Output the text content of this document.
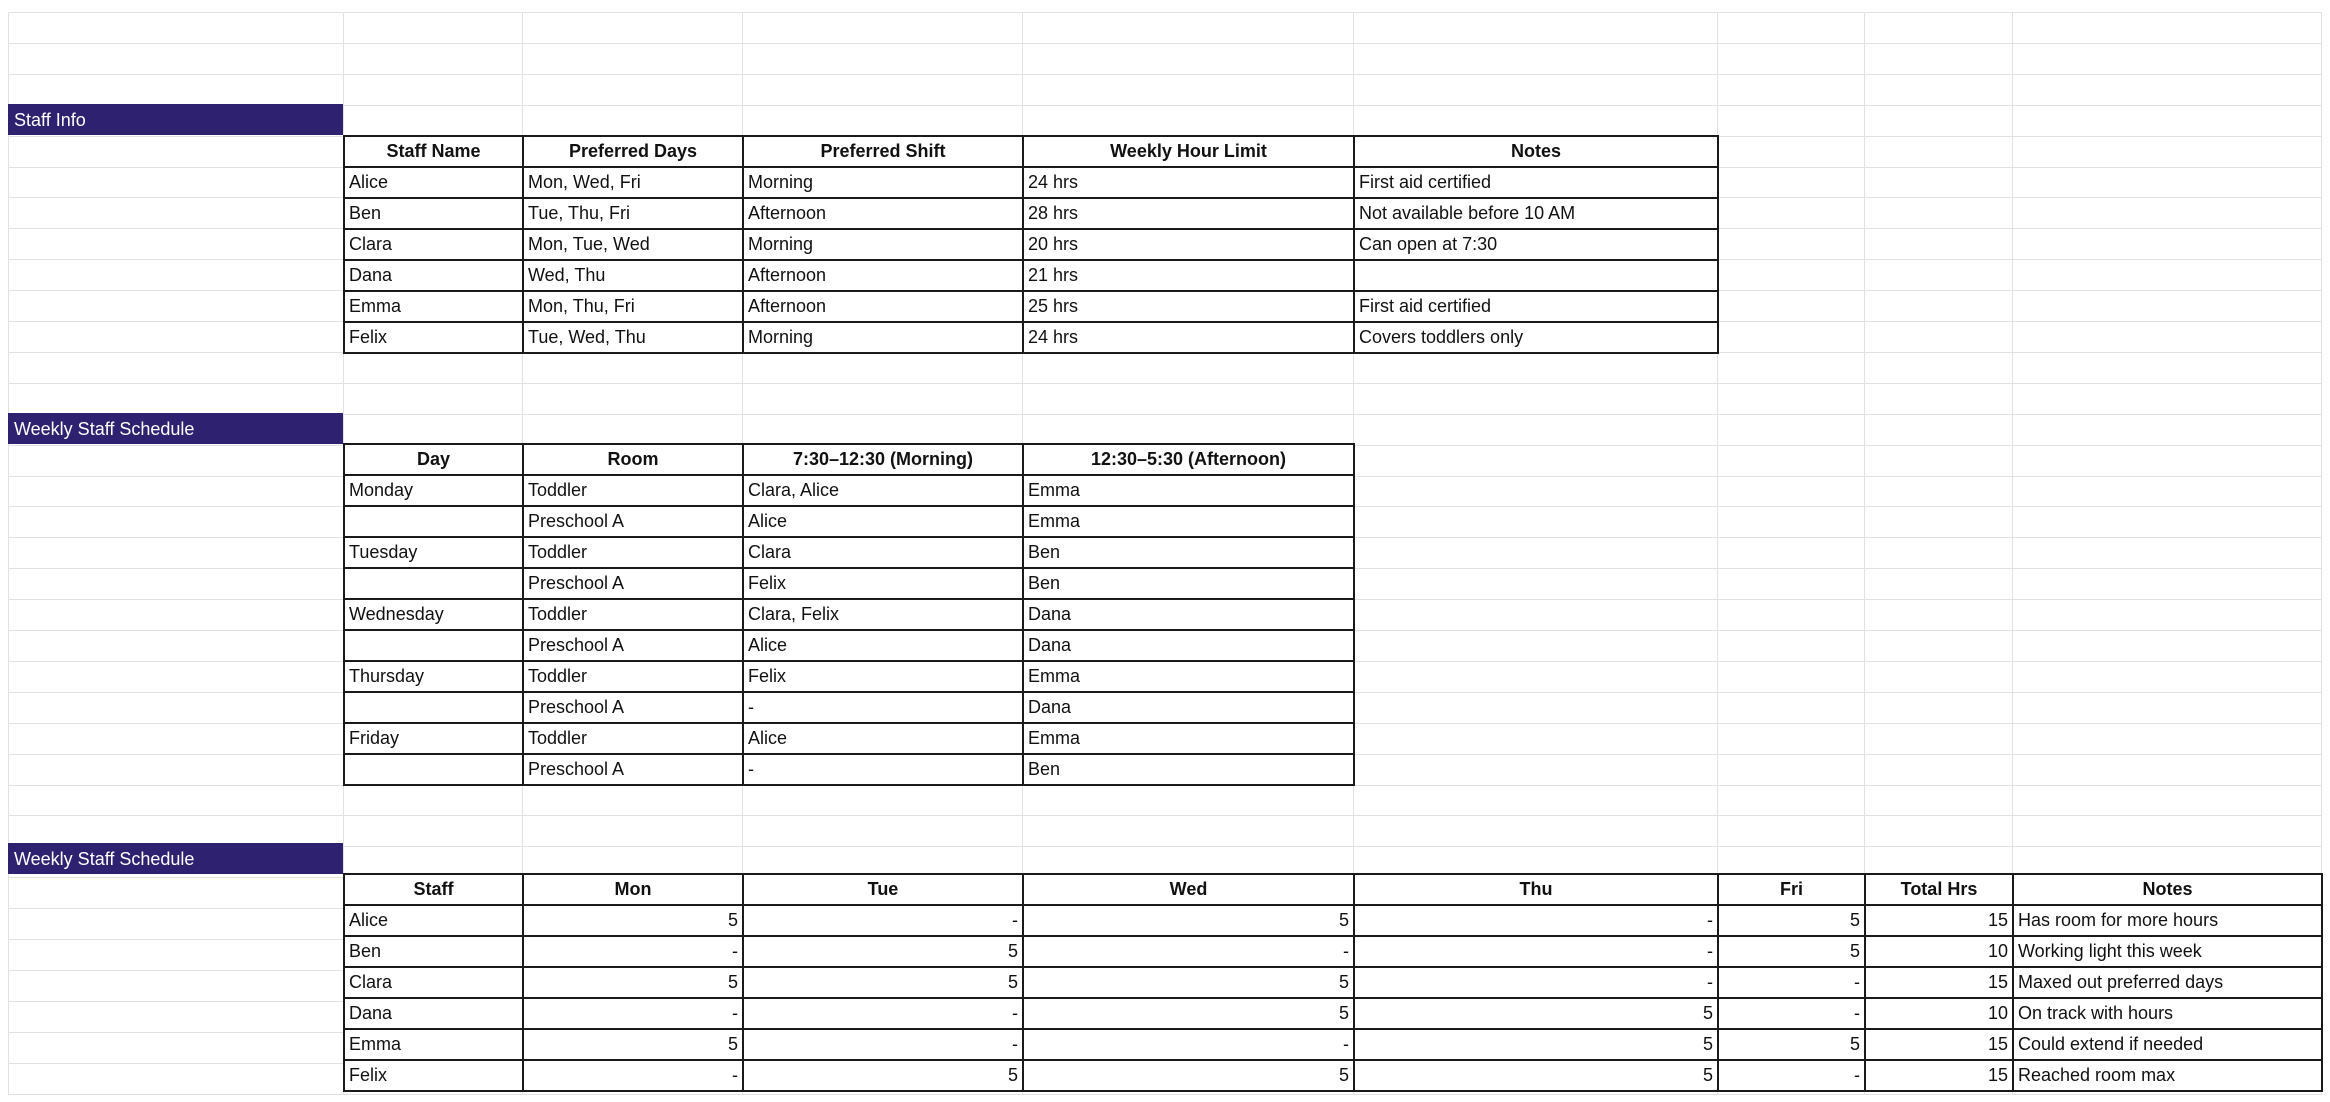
Staff Info
Staff Name	Preferred Days	Preferred Shift	Weekly Hour Limit	Notes
Alice	Mon, Wed, Fri	Morning	24 hrs	First aid certified
Ben	Tue, Thu, Fri	Afternoon	28 hrs	Not available before 10 AM
Clara	Mon, Tue, Wed	Morning	20 hrs	Can open at 7:30
Dana	Wed, Thu	Afternoon	21 hrs	
Emma	Mon, Thu, Fri	Afternoon	25 hrs	First aid certified
Felix	Tue, Wed, Thu	Morning	24 hrs	Covers toddlers only
Weekly Staff Schedule
Day	Room	7:30–12:30 (Morning)	12:30–5:30 (Afternoon)
Monday	Toddler	Clara, Alice	Emma
	Preschool A	Alice	Emma
Tuesday	Toddler	Clara	Ben
	Preschool A	Felix	Ben
Wednesday	Toddler	Clara, Felix	Dana
	Preschool A	Alice	Dana
Thursday	Toddler	Felix	Emma
	Preschool A	-	Dana
Friday	Toddler	Alice	Emma
	Preschool A	-	Ben
Weekly Staff Schedule
Staff	Mon	Tue	Wed	Thu	Fri	Total Hrs	Notes
Alice	5	-	5	-	5	15	Has room for more hours
Ben	-	5	-	-	5	10	Working light this week
Clara	5	5	5	-	-	15	Maxed out preferred days
Dana	-	-	5	5	-	10	On track with hours
Emma	5	-	-	5	5	15	Could extend if needed
Felix	-	5	5	5	-	15	Reached room max
